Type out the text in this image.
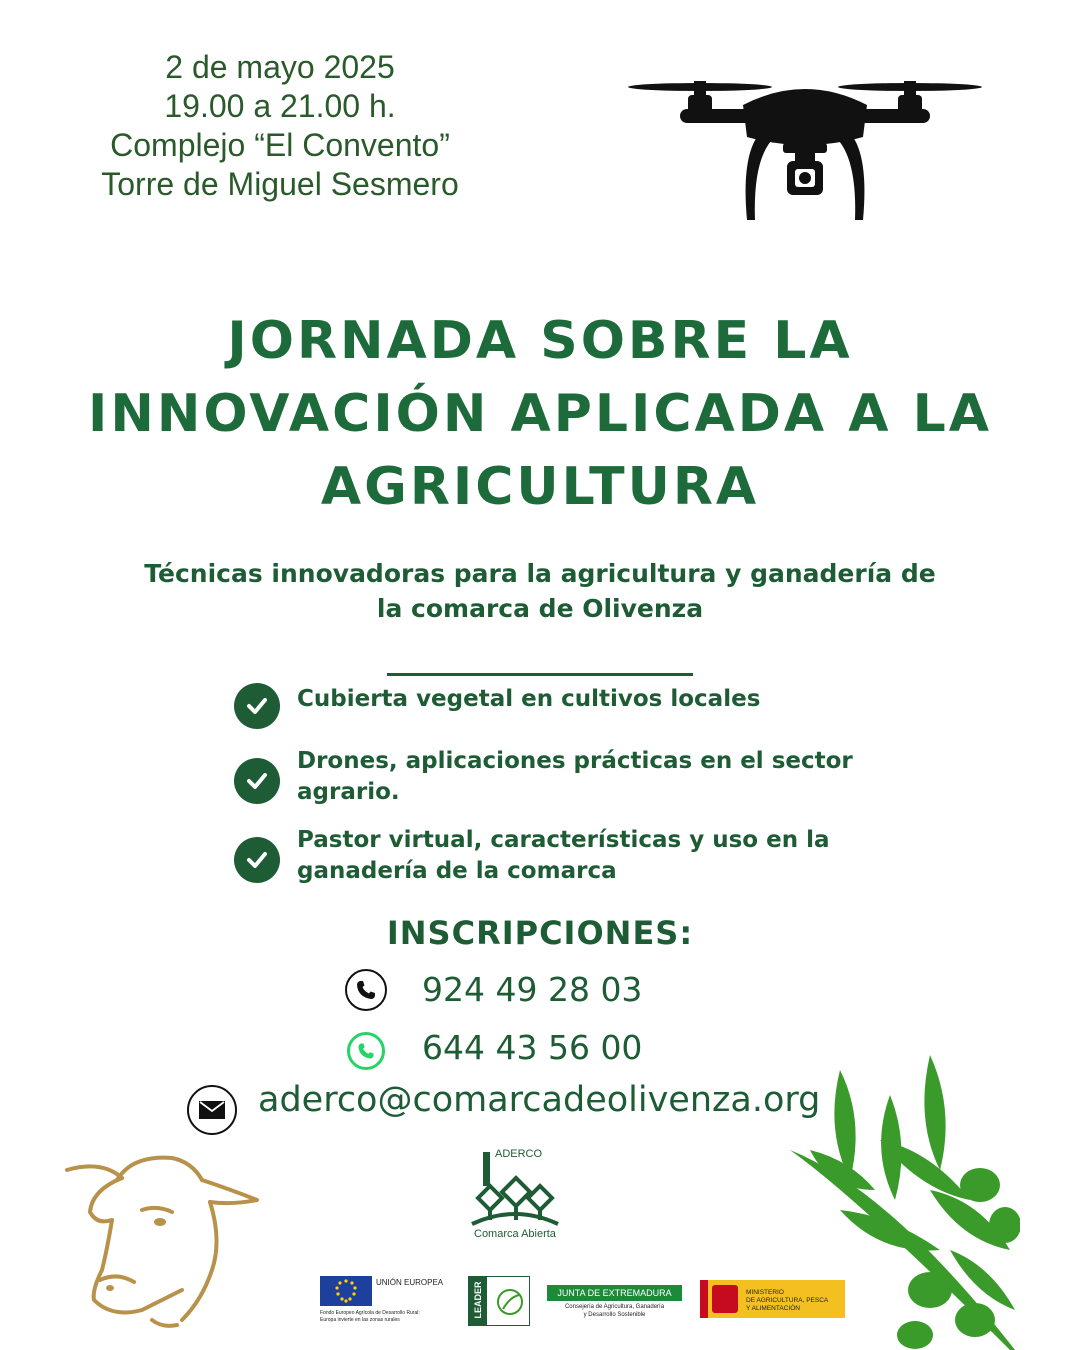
2 de mayo 2025
19.00 a 21.00 h.
Complejo “El Convento”
Torre de Miguel Sesmero
JORNADA SOBRE LA
INNOVACIÓN APLICADA A LA
AGRICULTURA
Técnicas innovadoras para la agricultura y ganadería de
la comarca de Olivenza
Cubierta vegetal en cultivos locales
Drones, aplicaciones prácticas en el sector
agrario.
Pastor virtual, características y uso en la
ganadería de la comarca
INSCRIPCIONES:
924 49 28 03
644 43 56 00
aderco@comarcadeolivenza.org
ADERCO
Comarca Abierta
UNIÓN EUROPEA
Fondo Europeo Agrícola de Desarrollo Rural:
Europa invierte en las zonas rurales
LEADER	JUNTA DE EXTREMADURA
Consejería de Agricultura, Ganadería
y Desarrollo Sostenible
MINISTERIO
DE AGRICULTURA, PESCA
Y ALIMENTACIÓN
